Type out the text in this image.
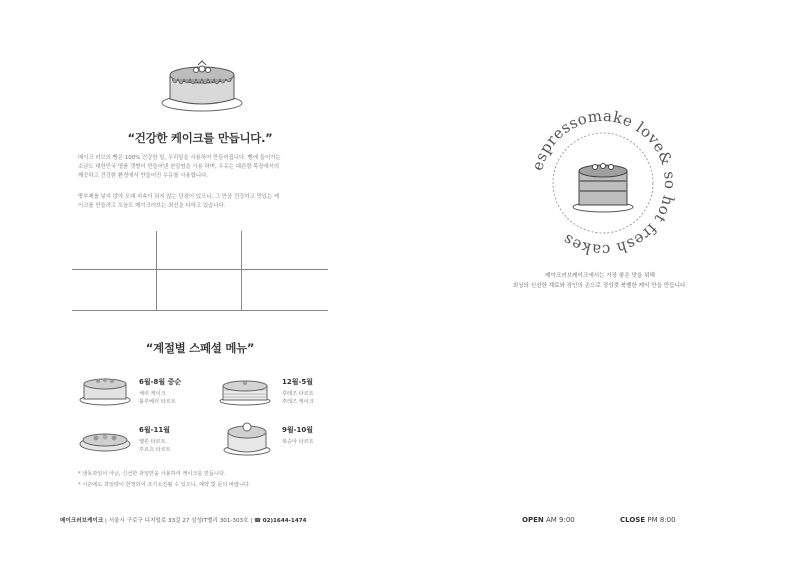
“건강한 케이크를 만듭니다.”
메이크 러브의 빵은 100% 건강한 밀, 우리밀을 사용하여 만들어집니다. 빵에 들어가는
소금도 대한민국 명품 갯벌이 만들어낸 천일염을 사용 하며, 우유는 대관령 목장에서의
깨끗하고 건강한 환경에서 만들어진 우유를 사용합니다.
방부제를 넣지 않아 오래 지속이 되지 않는 단점이 있으나, 그 만큼 건강하고 맛있는 케
이크를 만들려고 오늘도 메이크러브는 최선을 다하고 있습니다.
“계절별 스페셜 메뉴”
6월-8월 중순
체리 케이크
블루베리 타르트
12월-5월
후레즈 타르트
후레즈 케이크
6월-11월
멜론 타르트
후르츠 타르트
9월-10월
복숭아 타르트
* 냉동과일이 아닌, 신선한 과일만을 사용하여 케이크를 만듭니다.
* 시즌에도 과일량이 한정되어 조기소진될 수 있으니, 예약 및 문의 바랍니다.
메이크러브케이크 | 서울시 구로구 디지털로 33길 27 삼성IT밸리 301-303호 | ☎ 02)1644-1474
espressomake love& so hot fresh cakes
메이크러브케이크에서는 가장 좋은 맛을 위해
최상의 신선한 재료와 장인의 손으로 정성껏 북벨한 케익 만을 만듭니다.
OPEN AM 9:00	CLOSE PM 8:00
